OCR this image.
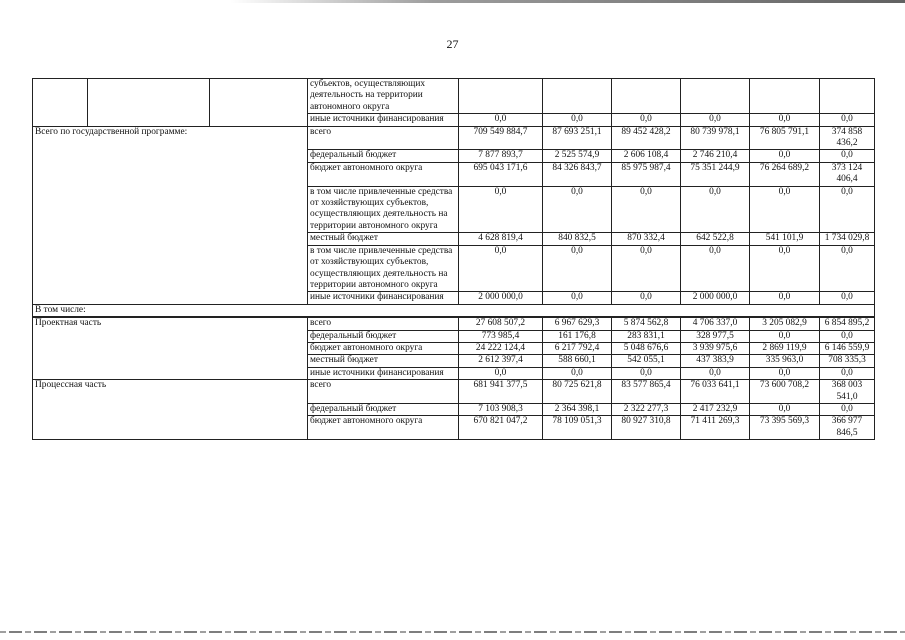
27
			субъектов, осуществляющих деятельность на территории автономного округа						
			иные источники финансирования	0,0	0,0	0,0	0,0	0,0	0,0
Всего по государственной программе:			всего	709 549 884,7	87 693 251,1	89 452 428,2	80 739 978,1	76 805 791,1	374 858 436,2
			федеральный бюджет	7 877 893,7	2 525 574,9	2 606 108,4	2 746 210,4	0,0	0,0
			бюджет автономного округа	695 043 171,6	84 326 843,7	85 975 987,4	75 351 244,9	76 264 689,2	373 124 406,4
			в том числе привлеченные средства от хозяйствующих субъектов, осуществляющих деятельность на территории автономного округа	0,0	0,0	0,0	0,0	0,0	0,0
			местный бюджет	4 628 819,4	840 832,5	870 332,4	642 522,8	541 101,9	1 734 029,8
			в том числе привлеченные средства от хозяйствующих субъектов, осуществляющих деятельность на территории автономного округа	0,0	0,0	0,0	0,0	0,0	0,0
			иные источники финансирования	2 000 000,0	0,0	0,0	2 000 000,0	0,0	0,0
В том числе:									
Проектная часть			всего	27 608 507,2	6 967 629,3	5 874 562,8	4 706 337,0	3 205 082,9	6 854 895,2
			федеральный бюджет	773 985,4	161 176,8	283 831,1	328 977,5	0,0	0,0
			бюджет автономного округа	24 222 124,4	6 217 792,4	5 048 676,6	3 939 975,6	2 869 119,9	6 146 559,9
			местный бюджет	2 612 397,4	588 660,1	542 055,1	437 383,9	335 963,0	708 335,3
			иные источники финансирования	0,0	0,0	0,0	0,0	0,0	0,0
Процессная часть			всего	681 941 377,5	80 725 621,8	83 577 865,4	76 033 641,1	73 600 708,2	368 003 541,0
			федеральный бюджет	7 103 908,3	2 364 398,1	2 322 277,3	2 417 232,9	0,0	0,0
			бюджет автономного округа	670 821 047,2	78 109 051,3	80 927 310,8	71 411 269,3	73 395 569,3	366 977 846,5
